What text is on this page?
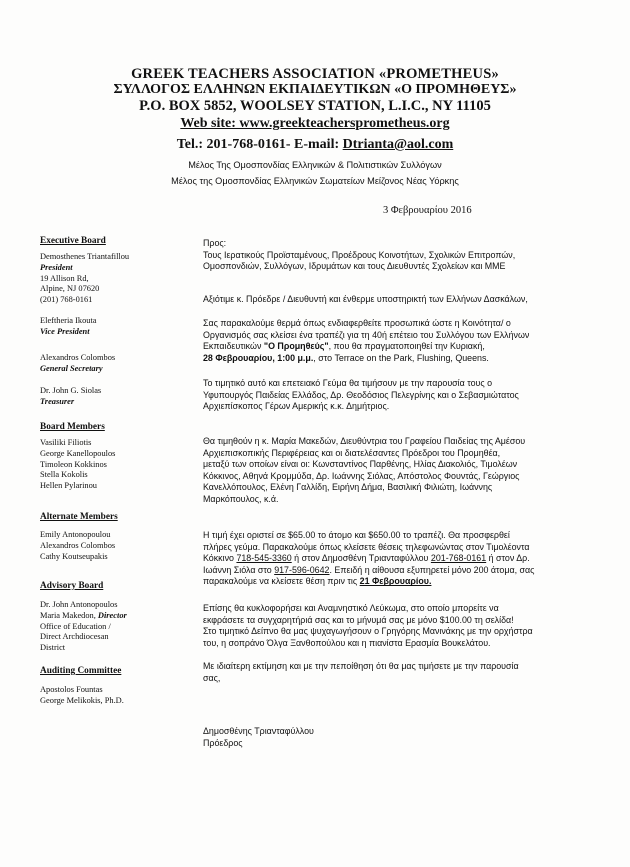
GREEK TEACHERS ASSOCIATION «PROMETHEUS»
ΣΥΛΛΟΓΟΣ ΕΛΛΗΝΩΝ ΕΚΠΑΙΔΕΥΤΙΚΩΝ «Ο ΠΡΟΜΗΘΕΥΣ»
P.O. BOX 5852, WOOLSEY STATION, L.I.C., NY 11105
Web site: www.greekteachersprometheus.org
Tel.: 201-768-0161- E-mail: Dtrianta@aol.com
Μέλος Της Ομοσπονδίας Ελληνικών & Πολιτιστικών Συλλόγων
Μέλος της Ομοσπονδίας Ελληνικών Σωματείων Μείζονος Νέας Υόρκης
3 Φεβρουαρίου 2016
Executive Board
Demosthenes Triantafillou
President
19 Allison Rd,
Alpine, NJ 07620
(201) 768-0161
Eleftheria Ikouta
Vice President
Alexandros Colombos
General Secretary
Dr. John G. Siolas
Treasurer
Board Members
Vasiliki Filiotis
George Kanellopoulos
Timoleon Kokkinos
Stella Kokolis
Hellen Pylarinou
Alternate Members
Emily Antonopoulou
Alexandros Colombos
Cathy Koutseupakis
Advisory Board
Dr. John Antonopoulos
Maria Makedon, Director
Office of Education /
Direct Archdiocesan
District
Auditing Committee
Apostolos Fountas
George Melikokis, Ph.D.
Προς:
Τους Ιερατικούς Προϊσταμένους, Προέδρους Κοινοτήτων, Σχολικών Επιτροπών,
Ομοσπονδιών, Συλλόγων, Ιδρυμάτων και τους Διευθυντές Σχολείων και ΜΜΕ
Αξιότιμε κ. Πρόεδρε / Διευθυντή και ένθερμε υποστηρικτή των Ελλήνων Δασκάλων,
Σας παρακαλούμε θερμά όπως ενδιαφερθείτε προσωπικά ώστε η Κοινότητα/ ο
Οργανισμός σας κλείσει ένα τραπέζι για τη 40ή επέτειο του Συλλόγου των Ελλήνων
Εκπαιδευτικών "Ο Προμηθεύς", που θα πραγματοποιηθεί την Κυριακή,
28 Φεβρουαρίου, 1:00 μ.μ., στο Terrace on the Park, Flushing, Queens.
Το τιμητικό αυτό και επετειακό Γεύμα θα τιμήσουν με την παρουσία τους ο
Υφυπουργός Παιδείας Ελλάδος, Δρ. Θεοδόσιος Πελεγρίνης και ο Σεβασμιώτατος
Αρχιεπίσκοπος Γέρων Αμερικής κ.κ. Δημήτριος.
Θα τιμηθούν η κ. Μαρία Μακεδών, Διευθύντρια του Γραφείου Παιδείας της Αμέσου
Αρχιεπισκοπικής Περιφέρειας και οι διατελέσαντες Πρόεδροι του Προμηθέα,
μεταξύ των οποίων είναι οι: Κωνσταντίνος Παρθένης, Ηλίας Διακολιός, Τιμολέων
Κόκκινος, Αθηνά Κρομμύδα, Δρ. Ιωάννης Σιόλας, Απόστολος Φουντάς, Γεώργιος
Κανελλόπουλος, Ελένη Γαλλίδη, Ειρήνη Δήμα, Βασιλική Φιλιώτη, Ιωάννης
Μαρκόπουλος, κ.ά.
Η τιμή έχει οριστεί σε $65.00 το άτομο και $650.00 το τραπέζι. Θα προσφερθεί
πλήρες γεύμα. Παρακαλούμε όπως κλείσετε θέσεις τηλεφωνώντας στον Τιμολέοντα
Κόκκινο 718-545-3360 ή στον Δημοσθένη Τριανταφύλλου 201-768-0161 ή στον Δρ.
Ιωάννη Σιόλα στο 917-596-0642. Επειδή η αίθουσα εξυπηρετεί μόνο 200 άτομα, σας
παρακαλούμε να κλείσετε θέση πριν τις 21 Φεβρουαρίου.
Επίσης θα κυκλοφορήσει και Αναμνηστικό Λεύκωμα, στο οποίο μπορείτε να
εκφράσετε τα συγχαρητήριά σας και το μήνυμά σας με μόνο $100.00 τη σελίδα!
Στο τιμητικό Δείπνο θα μας ψυχαγωγήσουν ο Γρηγόρης Μανινάκης με την ορχήστρα
του, η σοπράνο Όλγα Ξανθοπούλου και η πιανίστα Ερασμία Βουκελάτου.
Με ιδιαίτερη εκτίμηση και με την πεποίθηση ότι θα μας τιμήσετε με την παρουσία
σας,
Δημοσθένης Τριανταφύλλου
Πρόεδρος
